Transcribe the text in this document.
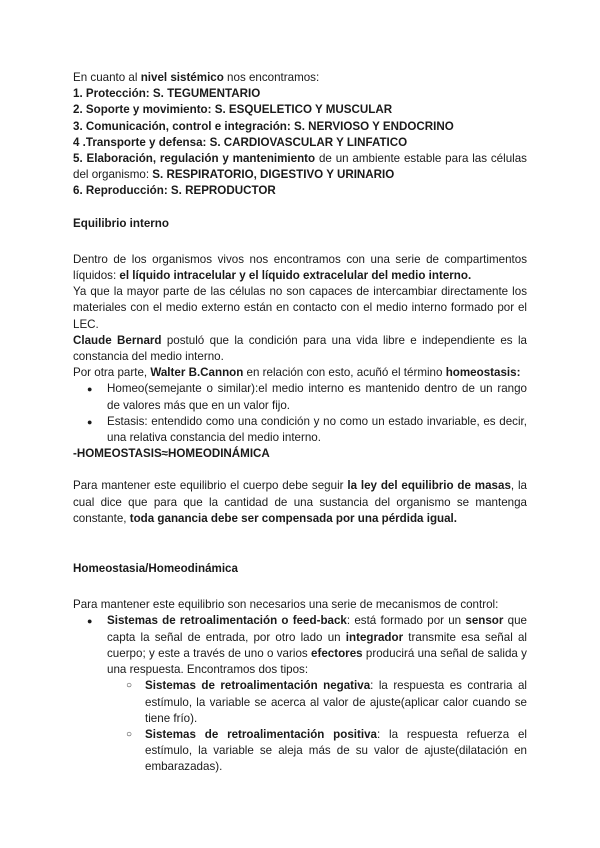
En cuanto al nivel sistémico nos encontramos:

1. Protección: S. TEGUMENTARIO

2. Soporte y movimiento: S. ESQUELETICO Y MUSCULAR

3. Comunicación, control e integración: S. NERVIOSO Y ENDOCRINO

4 .Transporte y defensa: S. CARDIOVASCULAR Y LINFATICO

5. Elaboración, regulación y mantenimiento de un ambiente estable para las células del organismo: S. RESPIRATORIO, DIGESTIVO Y URINARIO

6. Reproducción: S. REPRODUCTOR

Equilibrio interno

Dentro de los organismos vivos nos encontramos con una serie de compartimentos líquidos: el líquido intracelular y el líquido extracelular del medio interno.

Ya que la mayor parte de las células no son capaces de intercambiar directamente los materiales con el medio externo están en contacto con el medio interno formado por el LEC.

Claude Bernard postuló que la condición para una vida libre e independiente es la constancia del medio interno.

Por otra parte, Walter B.Cannon en relación con esto, acuñó el término homeostasis:

● Homeo(semejante o similar):el medio interno es mantenido dentro de un rango de valores más que en un valor fijo.
● Estasis: entendido como una condición y no como un estado invariable, es decir, una relativa constancia del medio interno.

-HOMEOSTASIS≈HOMEODINÁMICA

Para mantener este equilibrio el cuerpo debe seguir la ley del equilibrio de masas, la cual dice que para que la cantidad de una sustancia del organismo se mantenga constante, toda ganancia debe ser compensada por una pérdida igual.

Homeostasia/Homeodinámica

Para mantener este equilibrio son necesarios una serie de mecanismos de control:

● Sistemas de retroalimentación o feed-back: está formado por un sensor que capta la señal de entrada, por otro lado un integrador transmite esa señal al cuerpo; y este a través de uno o varios efectores producirá una señal de salida y una respuesta. Encontramos dos tipos:
○ Sistemas de retroalimentación negativa: la respuesta es contraria al estímulo, la variable se acerca al valor de ajuste(aplicar calor cuando se tiene frío).
○ Sistemas de retroalimentación positiva: la respuesta refuerza el estímulo, la variable se aleja más de su valor de ajuste(dilatación en embarazadas).
